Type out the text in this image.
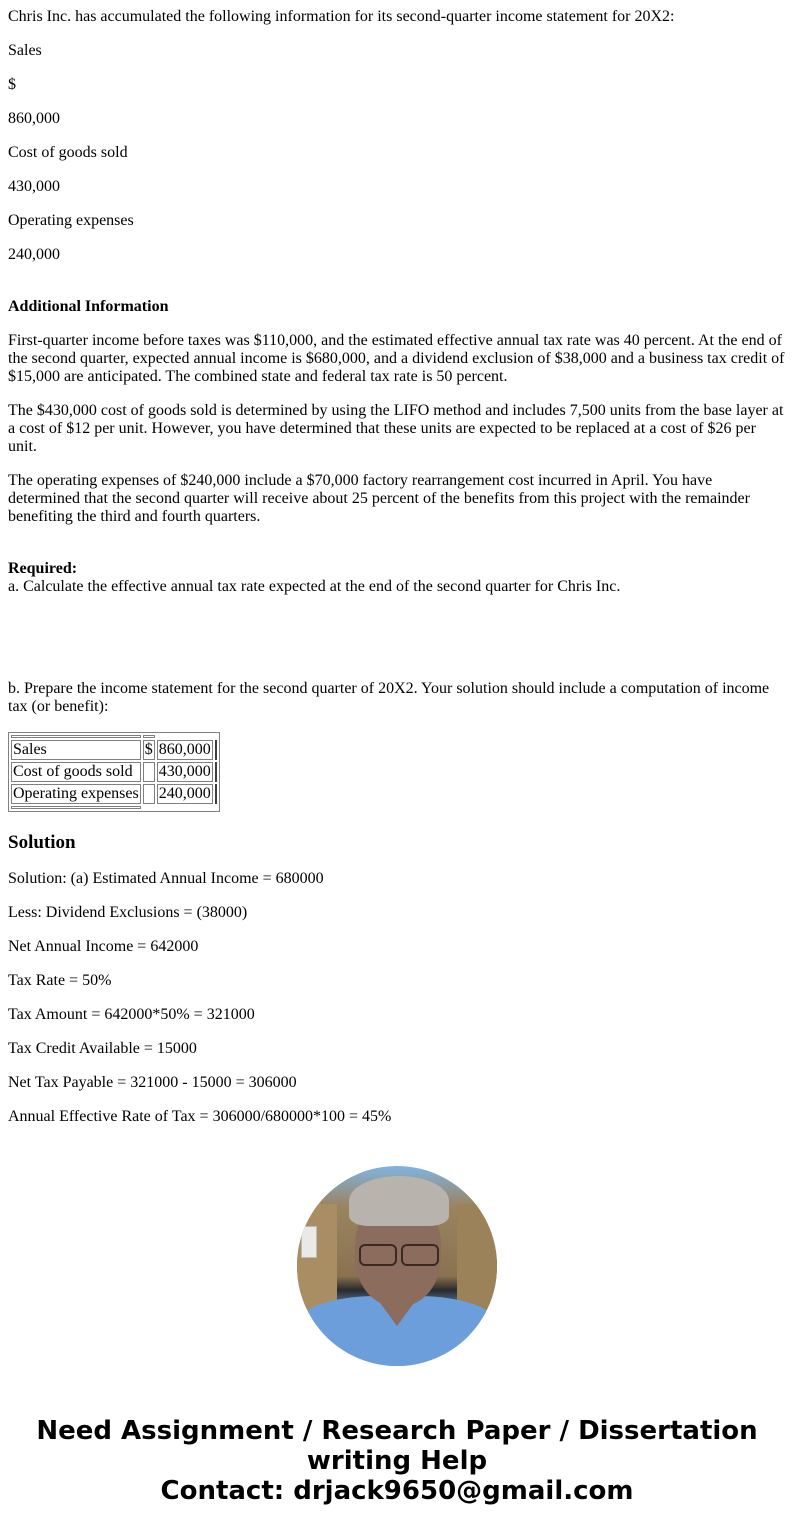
Chris Inc. has accumulated the following information for its second-quarter income statement for 20X2:

Sales

$

860,000

Cost of goods sold

430,000

Operating expenses

240,000

Additional Information

First-quarter income before taxes was $110,000, and the estimated effective annual tax rate was 40 percent. At the end of the second quarter, expected annual income is $680,000, and a dividend exclusion of $38,000 and a business tax credit of $15,000 are anticipated. The combined state and federal tax rate is 50 percent.

The $430,000 cost of goods sold is determined by using the LIFO method and includes 7,500 units from the base layer at a cost of $12 per unit. However, you have determined that these units are expected to be replaced at a cost of $26 per unit.

The operating expenses of $240,000 include a $70,000 factory rearrangement cost incurred in April. You have determined that the second quarter will receive about 25 percent of the benefits from this project with the remainder benefiting the third and fourth quarters.

Required:
a. Calculate the effective annual tax rate expected at the end of the second quarter for Chris Inc.

b. Prepare the income statement for the second quarter of 20X2. Your solution should include a computation of income tax (or benefit):

Sales	$	860,000	
Cost of goods sold		430,000	
Operating expenses		240,000	

Solution

Solution: (a) Estimated Annual Income = 680000

Less: Dividend Exclusions = (38000)

Net Annual Income = 642000

Tax Rate = 50%

Tax Amount = 642000*50% = 321000

Tax Credit Available = 15000

Net Tax Payable = 321000 - 15000 = 306000

Annual Effective Rate of Tax = 306000/680000*100 = 45%

Need Assignment / Research Paper / Dissertation
writing Help
Contact: drjack9650@gmail.com
